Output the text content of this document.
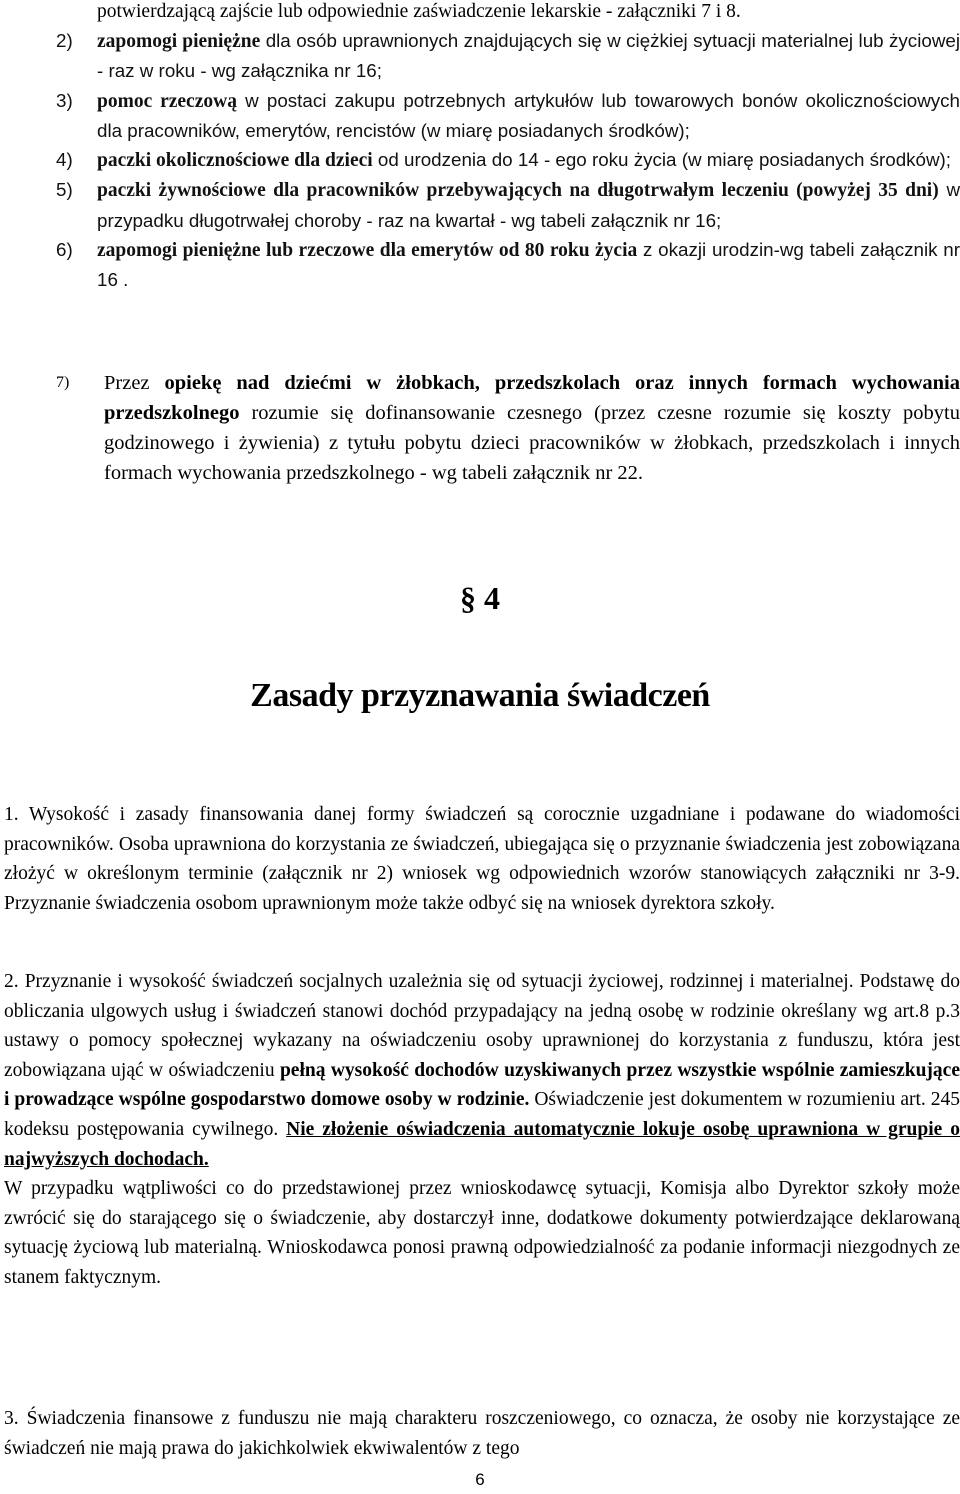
potwierdzającą zajście lub odpowiednie zaświadczenie lekarskie - załączniki 7 i 8.
2) zapomogi pieniężne dla osób uprawnionych znajdujących się w ciężkiej sytuacji materialnej lub życiowej - raz w roku - wg załącznika nr 16;
3) pomoc rzeczową w postaci zakupu potrzebnych artykułów lub towarowych bonów okolicznościowych dla pracowników, emerytów, rencistów (w miarę posiadanych środków);
4) paczki okolicznościowe dla dzieci od urodzenia do 14 - ego roku życia (w miarę posiadanych środków);
5) paczki żywnościowe dla pracowników przebywających na długotrwałym leczeniu (powyżej 35 dni) w przypadku długotrwałej choroby - raz na kwartał - wg tabeli załącznik nr 16;
6) zapomogi pieniężne lub rzeczowe dla emerytów od 80 roku życia z okazji urodzin-wg tabeli załącznik nr 16 .
7) Przez opiekę nad dziećmi w żłobkach, przedszkolach oraz innych formach wychowania przedszkolnego rozumie się dofinansowanie czesnego (przez czesne rozumie się koszty pobytu godzinowego i żywienia) z tytułu pobytu dzieci pracowników w żłobkach, przedszkolach i innych formach wychowania przedszkolnego - wg tabeli załącznik nr 22.
§ 4
Zasady przyznawania świadczeń
1. Wysokość i zasady finansowania danej formy świadczeń są corocznie uzgadniane i podawane do wiadomości pracowników. Osoba uprawniona do korzystania ze świadczeń, ubiegająca się o przyznanie świadczenia jest zobowiązana złożyć w określonym terminie (załącznik nr 2) wniosek wg odpowiednich wzorów stanowiących załączniki nr 3-9. Przyznanie świadczenia osobom uprawnionym może także odbyć się na wniosek dyrektora szkoły.
2. Przyznanie i wysokość świadczeń socjalnych uzależnia się od sytuacji życiowej, rodzinnej i materialnej. Podstawę do obliczania ulgowych usług i świadczeń stanowi dochód przypadający na jedną osobę w rodzinie określany wg art.8 p.3 ustawy o pomocy społecznej wykazany na oświadczeniu osoby uprawnionej do korzystania z funduszu, która jest zobowiązana ująć w oświadczeniu pełną wysokość dochodów uzyskiwanych przez wszystkie wspólnie zamieszkujące i prowadzące wspólne gospodarstwo domowe osoby w rodzinie. Oświadczenie jest dokumentem w rozumieniu art. 245 kodeksu postępowania cywilnego. Nie złożenie oświadczenia automatycznie lokuje osobę uprawniona w grupie o najwyższych dochodach.
W przypadku wątpliwości co do przedstawionej przez wnioskodawcę sytuacji, Komisja albo Dyrektor szkoły może zwrócić się do starającego się o świadczenie, aby dostarczył inne, dodatkowe dokumenty potwierdzające deklarowaną sytuację życiową lub materialną. Wnioskodawca ponosi prawną odpowiedzialność za podanie informacji niezgodnych ze stanem faktycznym.
3. Świadczenia finansowe z funduszu nie mają charakteru roszczeniowego, co oznacza, że osoby nie korzystające ze świadczeń nie mają prawa do jakichkolwiek ekwiwalentów z tego
6
